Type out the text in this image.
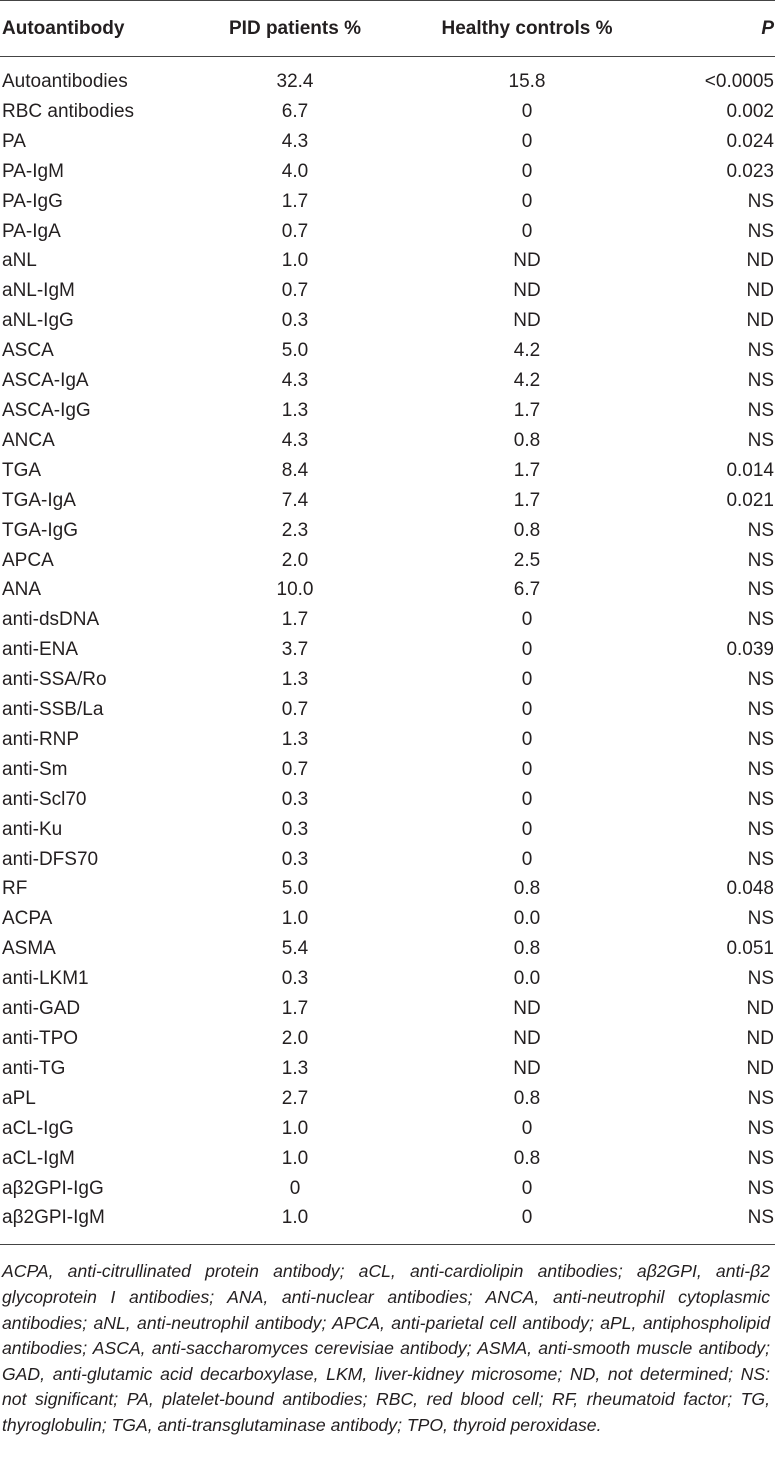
Autoantibody	PID patients %	Healthy controls %	P
Autoantibodies	32.4	15.8	<0.0005
RBC antibodies	6.7	0	0.002
PA	4.3	0	0.024
PA-IgM	4.0	0	0.023
PA-IgG	1.7	0	NS
PA-IgA	0.7	0	NS
aNL	1.0	ND	ND
aNL-IgM	0.7	ND	ND
aNL-IgG	0.3	ND	ND
ASCA	5.0	4.2	NS
ASCA-IgA	4.3	4.2	NS
ASCA-IgG	1.3	1.7	NS
ANCA	4.3	0.8	NS
TGA	8.4	1.7	0.014
TGA-IgA	7.4	1.7	0.021
TGA-IgG	2.3	0.8	NS
APCA	2.0	2.5	NS
ANA	10.0	6.7	NS
anti-dsDNA	1.7	0	NS
anti-ENA	3.7	0	0.039
anti-SSA/Ro	1.3	0	NS
anti-SSB/La	0.7	0	NS
anti-RNP	1.3	0	NS
anti-Sm	0.7	0	NS
anti-Scl70	0.3	0	NS
anti-Ku	0.3	0	NS
anti-DFS70	0.3	0	NS
RF	5.0	0.8	0.048
ACPA	1.0	0.0	NS
ASMA	5.4	0.8	0.051
anti-LKM1	0.3	0.0	NS
anti-GAD	1.7	ND	ND
anti-TPO	2.0	ND	ND
anti-TG	1.3	ND	ND
aPL	2.7	0.8	NS
aCL-IgG	1.0	0	NS
aCL-IgM	1.0	0.8	NS
aβ2GPI-IgG	0	0	NS
aβ2GPI-IgM	1.0	0	NS

ACPA, anti-citrullinated protein antibody; aCL, anti-cardiolipin antibodies; aβ2GPI, anti-β2 glycoprotein I antibodies; ANA, anti-nuclear antibodies; ANCA, anti-neutrophil cytoplasmic antibodies; aNL, anti-neutrophil antibody; APCA, anti-parietal cell antibody; aPL, antiphospholipid antibodies; ASCA, anti-saccharomyces cerevisiae antibody; ASMA, anti-smooth muscle antibody; GAD, anti-glutamic acid decarboxylase, LKM, liver-kidney microsome; ND, not determined; NS: not significant; PA, platelet-bound antibodies; RBC, red blood cell; RF, rheumatoid factor; TG, thyroglobulin; TGA, anti-transglutaminase antibody; TPO, thyroid peroxidase.
